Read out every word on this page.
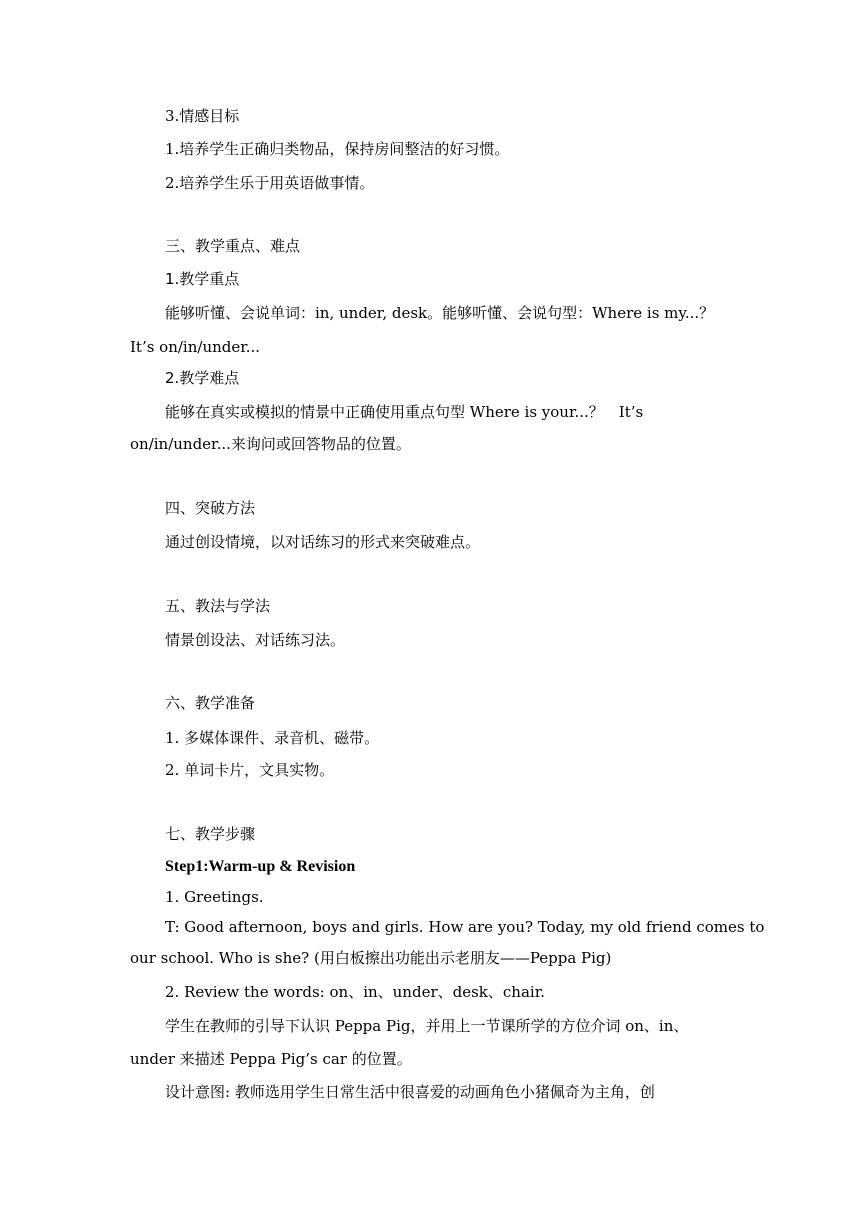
3.情感目标
1.培养学生正确归类物品，保持房间整洁的好习惯。
2.培养学生乐于用英语做事情。
三、教学重点、难点
1.教学重点
能够听懂、会说单词：in, under, desk。能够听懂、会说句型：Where is my...？
It’s on/in/under...
2.教学难点
能够在真实或模拟的情景中正确使用重点句型 Where is your...？　It’s
on/in/under...来询问或回答物品的位置。
四、突破方法
通过创设情境，以对话练习的形式来突破难点。
五、教法与学法
情景创设法、对话练习法。
六、教学准备
1. 多媒体课件、录音机、磁带。
2. 单词卡片，文具实物。
七、教学步骤
Step1:Warm-up & Revision
1. Greetings.
T: Good afternoon, boys and girls. How are you? Today, my old friend comes to
our school. Who is she? (用白板擦出功能出示老朋友——Peppa Pig)
2. Review the words: on、in、under、desk、chair.
学生在教师的引导下认识 Peppa Pig，并用上一节课所学的方位介词 on、in、
under 来描述 Peppa Pig’s car 的位置。
设计意图: 教师选用学生日常生活中很喜爱的动画角色小猪佩奇为主角，创
